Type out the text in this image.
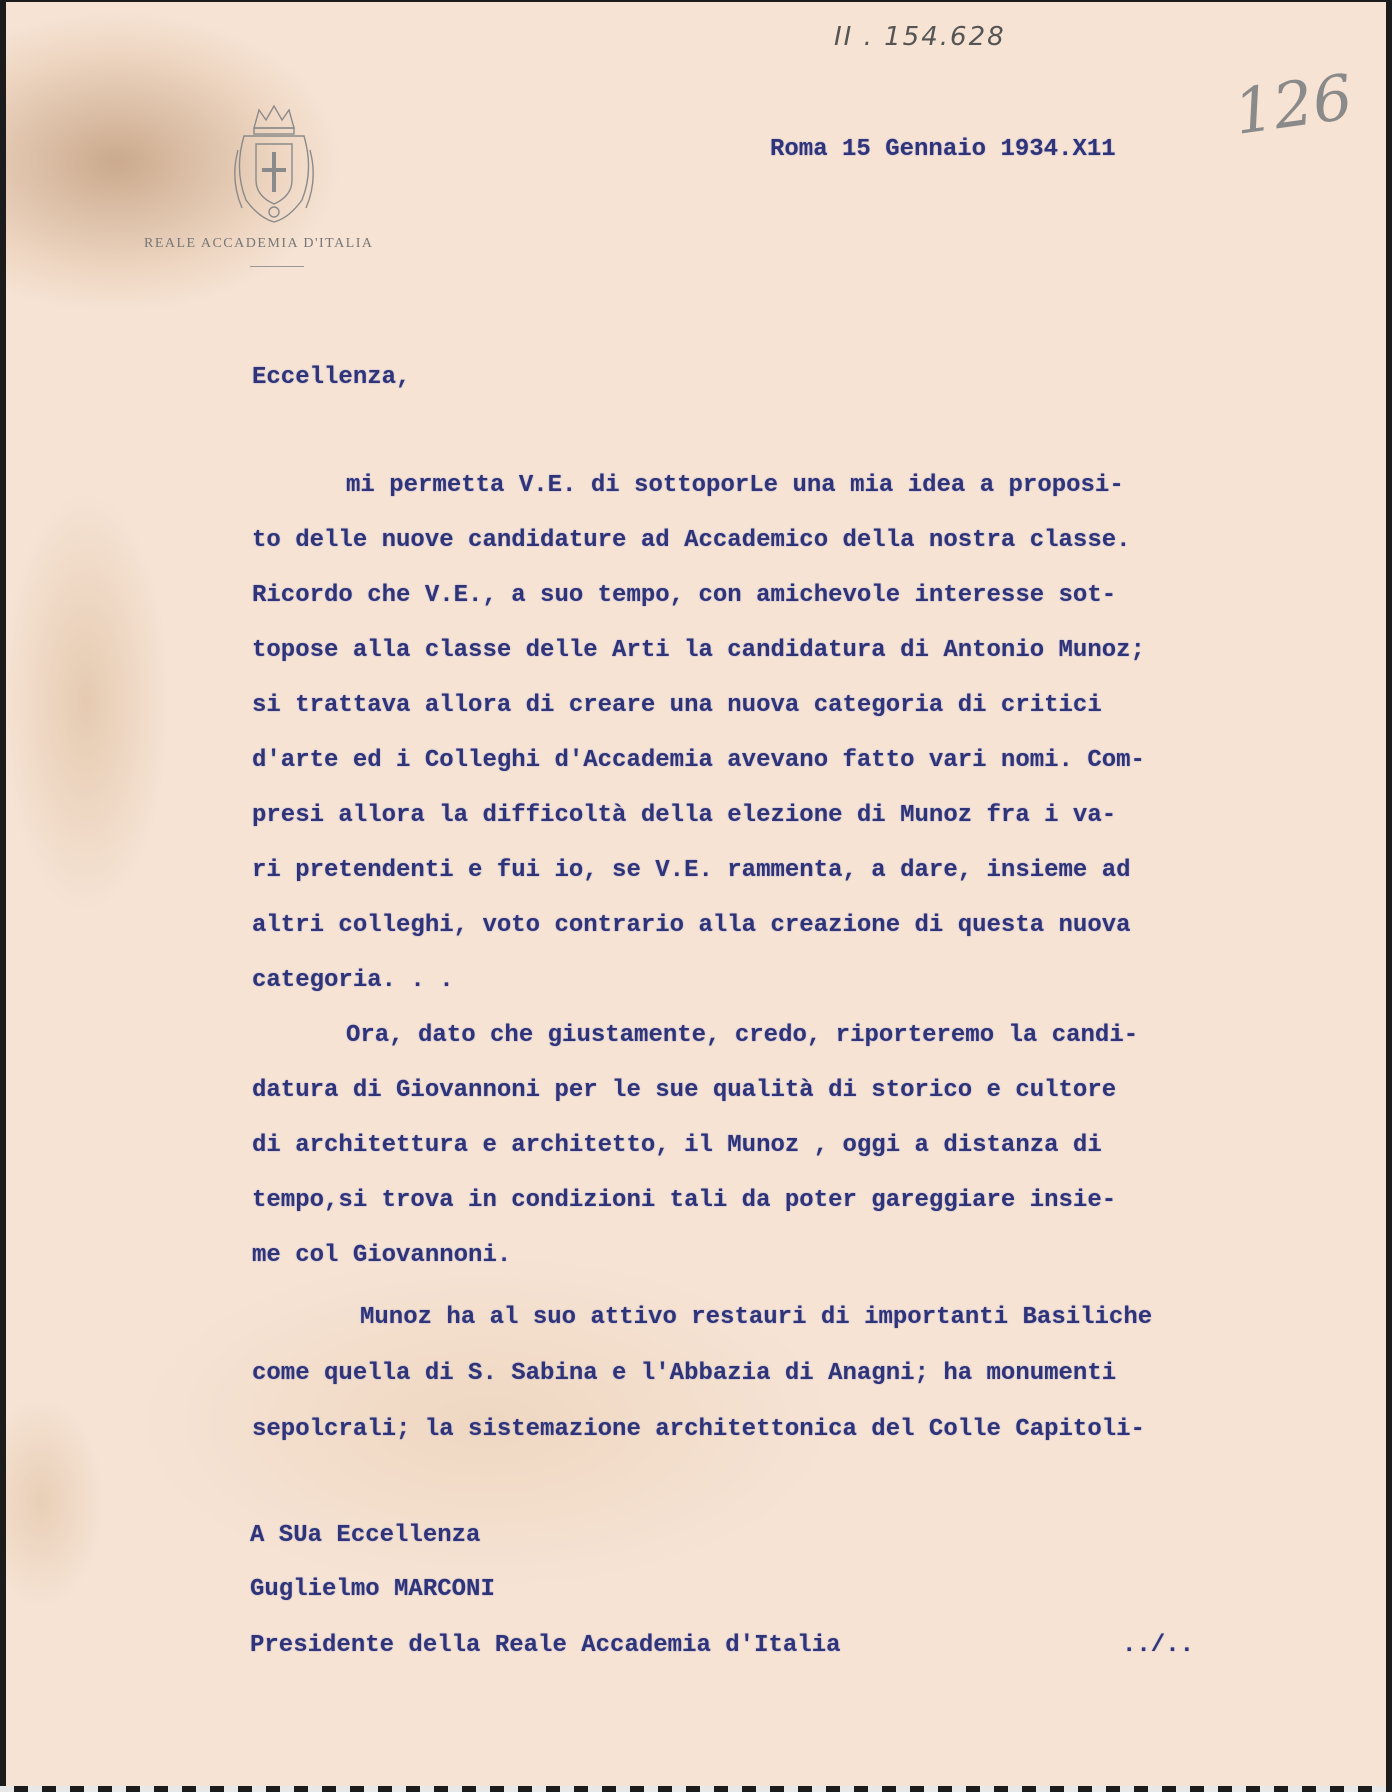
II . 154.628

126

REALE ACCADEMIA D'ITALIA

Roma 15 Gennaio 1934.X11

Eccellenza,

mi permetta V.E. di sottoporLe una mia idea a proposi-

to delle nuove candidature ad Accademico della nostra classe.

Ricordo che V.E., a suo tempo, con amichevole interesse sot-

topose alla classe delle Arti la candidatura di Antonio Munoz;

si trattava allora di creare una nuova categoria di critici

d'arte ed i Colleghi d'Accademia avevano fatto vari nomi. Com-

presi allora la difficoltà della elezione di Munoz fra i va-

ri pretendenti e fui io, se V.E. rammenta, a dare, insieme ad

altri colleghi, voto contrario alla creazione di questa nuova

categoria. . .

Ora, dato che giustamente, credo, riporteremo la candi-

datura di Giovannoni per le sue qualità di storico e cultore

di architettura e architetto, il Munoz , oggi a distanza di

tempo,si trova in condizioni tali da poter gareggiare insie-

me col Giovannoni.

Munoz ha al suo attivo restauri di importanti Basiliche

come quella di S. Sabina e l'Abbazia di Anagni; ha monumenti

sepolcrali; la sistemazione architettonica del Colle Capitoli-

A SUa Eccellenza

Guglielmo MARCONI

Presidente della Reale Accademia d'Italia	../..
